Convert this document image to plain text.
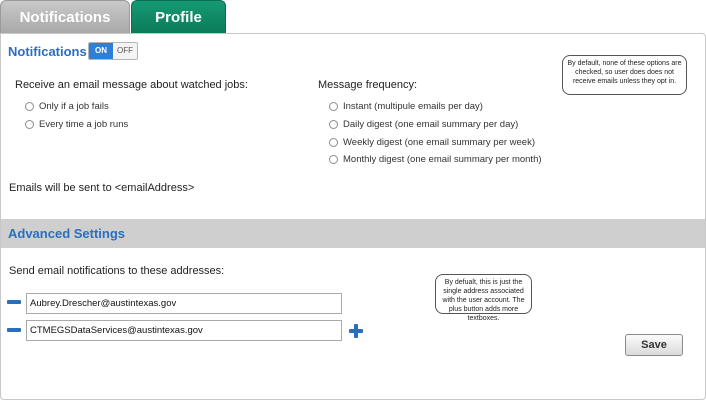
Notifications	Profile
Notifications	ON	OFF
Receive an email message about watched jobs:
Only if a job fails
Every time a job runs
Message frequency:
Instant (multipule emails per day)
Daily digest (one email summary per day)
Weekly digest (one email summary per week)
Monthly digest (one email summary per month)
By default, none of these options are checked, so user does does not receive emails unless they opt in.
Emails will be sent to <emailAddress>
Advanced Settings
Send email notifications to these addresses:
Aubrey.Drescher@austintexas.gov
CTMEGSDataServices@austintexas.gov
By defualt, this is just the single address associated with the user account. The plus button adds more textboxes.
Save
